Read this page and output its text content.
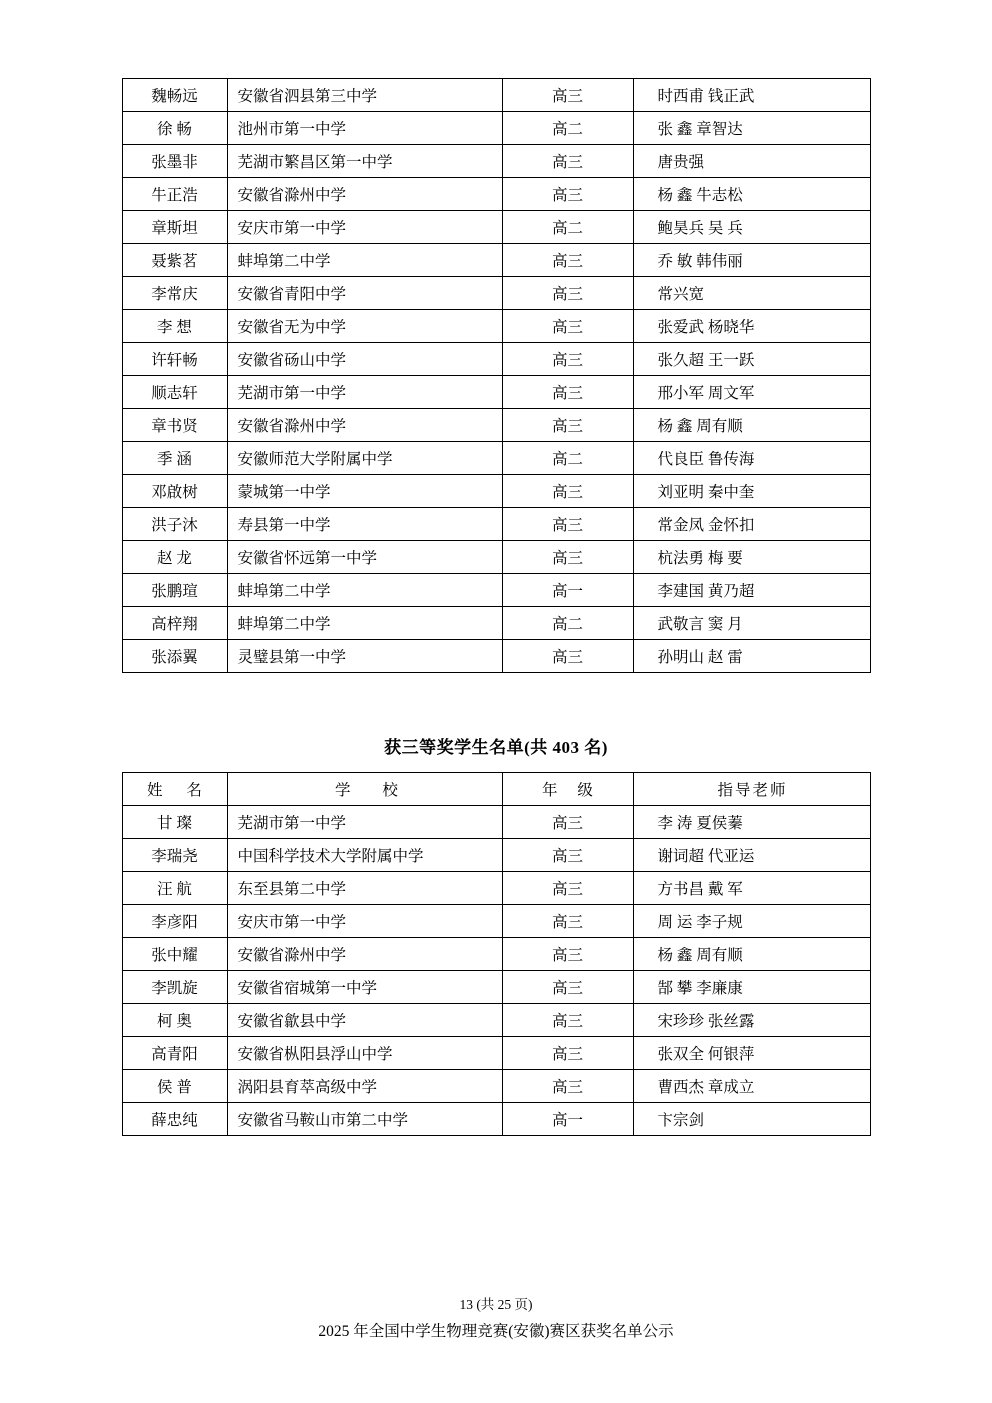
魏畅远	安徽省泗县第三中学	高三	时西甫 钱正武
徐 畅	池州市第一中学	高二	张 鑫 章智达
张墨非	芜湖市繁昌区第一中学	高三	唐贵强
牛正浩	安徽省滁州中学	高三	杨 鑫 牛志松
章斯坦	安庆市第一中学	高二	鲍昊兵 吴 兵
聂紫茗	蚌埠第二中学	高三	乔 敏 韩伟丽
李常庆	安徽省青阳中学	高三	常兴宽
李 想	安徽省无为中学	高三	张爱武 杨晓华
许轩畅	安徽省砀山中学	高三	张久超 王一跃
顺志轩	芜湖市第一中学	高三	邢小军 周文军
章书贤	安徽省滁州中学	高三	杨 鑫 周有顺
季 涵	安徽师范大学附属中学	高二	代良臣 鲁传海
邓啟树	蒙城第一中学	高三	刘亚明 秦中奎
洪子沐	寿县第一中学	高三	常金凤 金怀扣
赵 龙	安徽省怀远第一中学	高三	杭法勇 梅 要
张鹏瑄	蚌埠第二中学	高一	李建国 黄乃超
高梓翔	蚌埠第二中学	高二	武敬言 窦 月
张添翼	灵璧县第一中学	高三	孙明山 赵 雷
获三等奖学生名单(共 403 名)
姓 名	学 校	年 级	指导老师
甘 璨	芜湖市第一中学	高三	李 涛 夏侯蓁
李瑞尧	中国科学技术大学附属中学	高三	谢词超 代亚运
汪 航	东至县第二中学	高三	方书昌 戴 军
李彦阳	安庆市第一中学	高三	周 运 李子规
张中耀	安徽省滁州中学	高三	杨 鑫 周有顺
李凯旋	安徽省宿城第一中学	高三	郜 攀 李廉康
柯 奥	安徽省歙县中学	高三	宋珍珍 张丝露
高青阳	安徽省枞阳县浮山中学	高三	张双全 何银萍
侯 普	涡阳县育萃高级中学	高三	曹西杰 章成立
薛忠纯	安徽省马鞍山市第二中学	高一	卞宗剑
13 (共 25 页)
2025 年全国中学生物理竞赛(安徽)赛区获奖名单公示
